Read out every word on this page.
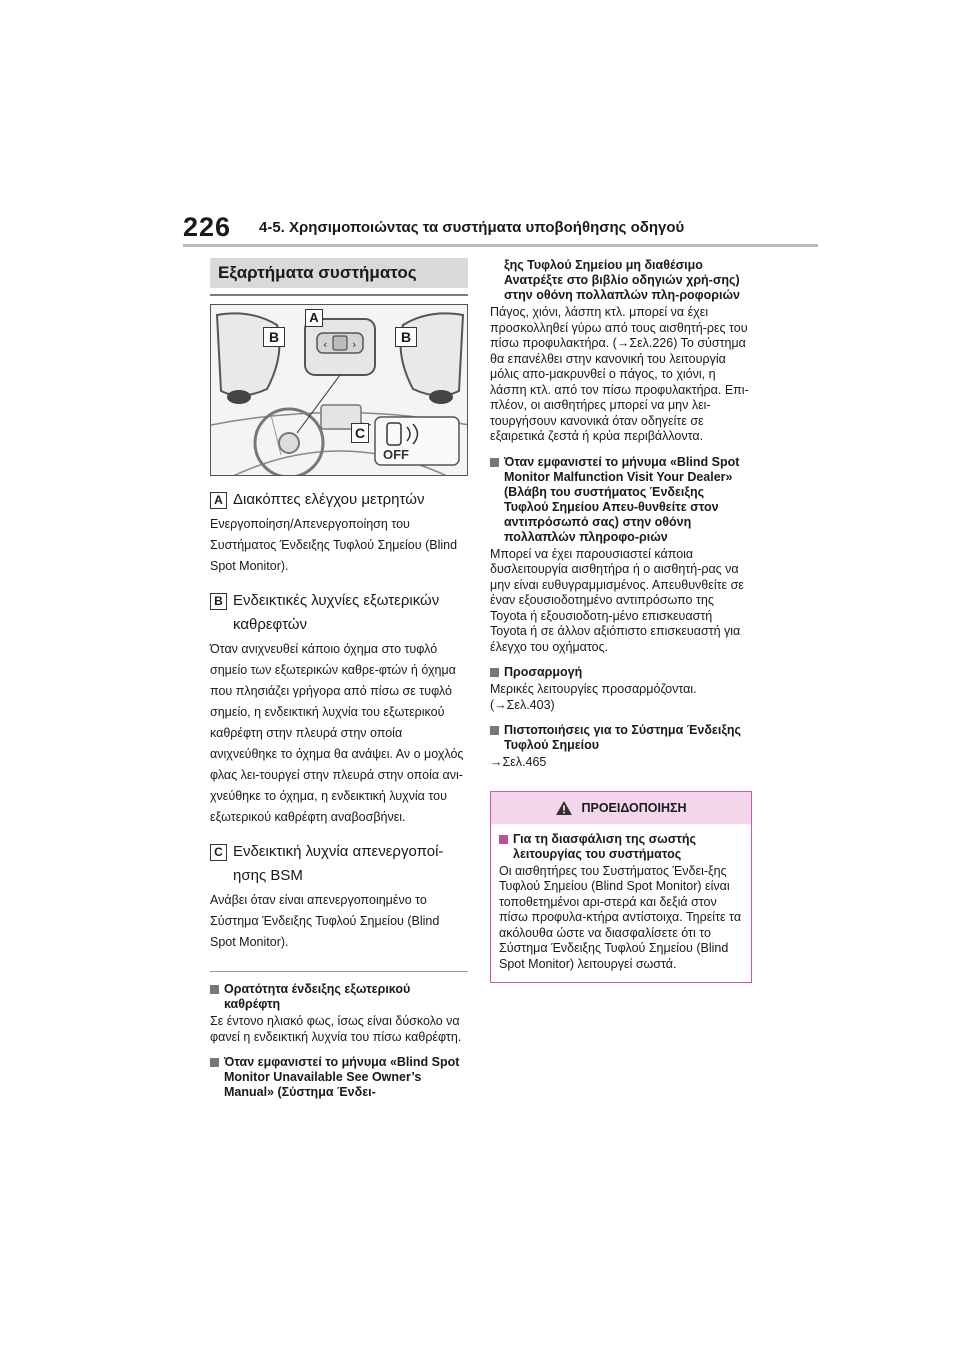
226 4-5. Χρησιμοποιώντας τα συστήματα υποβοήθησης οδηγού
Εξαρτήματα συστήματος
‹ ›
A
B	B
C
OFF
A Διακόπτες ελέγχου μετρητών
Ενεργοποίηση/Απενεργοποίηση του Συστήματος Ένδειξης Τυφλού Σημείου (Blind Spot Monitor).
B Ενδεικτικές λυχνίες εξωτερικών καθρεφτών
Όταν ανιχνευθεί κάποιο όχημα στο τυφλό σημείο των εξωτερικών καθρε-φτών ή όχημα που πλησιάζει γρήγορα από πίσω σε τυφλό σημείο, η ενδεικτική λυχνία του εξωτερικού καθρέφτη στην πλευρά στην οποία ανιχνεύθηκε το όχημα θα ανάψει. Αν ο μοχλός φλας λει-τουργεί στην πλευρά στην οποία ανι-χνεύθηκε το όχημα, η ενδεικτική λυχνία του εξωτερικού καθρέφτη αναβοσβήνει.
C Ενδεικτική λυχνία απενεργοποί-ησης BSM
Ανάβει όταν είναι απενεργοποιημένο το Σύστημα Ένδειξης Τυφλού Σημείου (Blind Spot Monitor).
Ορατότητα ένδειξης εξωτερικού καθρέφτη
Σε έντονο ηλιακό φως, ίσως είναι δύσκολο να φανεί η ενδεικτική λυχνία του πίσω καθρέφτη.
Όταν εμφανιστεί το μήνυμα «Blind Spot Monitor Unavailable See Owner’s Manual» (Σύστημα Ένδει-
ξης Τυφλού Σημείου μη διαθέσιμο Ανατρέξτε στο βιβλίο οδηγιών χρή-σης) στην οθόνη πολλαπλών πλη-ροφοριών
Πάγος, χιόνι, λάσπη κτλ. μπορεί να έχει προσκολληθεί γύρω από τους αισθητή-ρες του πίσω προφυλακτήρα. (→Σελ.226) Το σύστημα θα επανέλθει στην κανονική του λειτουργία μόλις απο-μακρυνθεί ο πάγος, το χιόνι, η λάσπη κτλ. από τον πίσω προφυλακτήρα. Επι-πλέον, οι αισθητήρες μπορεί να μην λει-τουργήσουν κανονικά όταν οδηγείτε σε εξαιρετικά ζεστά ή κρύα περιβάλλοντα.
Όταν εμφανιστεί το μήνυμα «Blind Spot Monitor Malfunction Visit Your Dealer» (Βλάβη του συστήματος Ένδειξης Τυφλού Σημείου Απευ-θυνθείτε στον αντιπρόσωπό σας) στην οθόνη πολλαπλών πληροφο-ριών
Μπορεί να έχει παρουσιαστεί κάποια δυσλειτουργία αισθητήρα ή ο αισθητή-ρας να μην είναι ευθυγραμμισμένος. Απευθυνθείτε σε έναν εξουσιοδοτημένο αντιπρόσωπο της Toyota ή εξουσιοδοτη-μένο επισκευαστή Toyota ή σε άλλον αξιόπιστο επισκευαστή για έλεγχο του οχήματος.
Προσαρμογή
Μερικές λειτουργίες προσαρμόζονται. (→Σελ.403)
Πιστοποιήσεις για το Σύστημα Ένδειξης Τυφλού Σημείου
→Σελ.465
ΠΡΟΕΙΔΟΠΟΙΗΣΗ
Για τη διασφάλιση της σωστής λειτουργίας του συστήματος
Οι αισθητήρες του Συστήματος Ένδει-ξης Τυφλού Σημείου (Blind Spot Monitor) είναι τοποθετημένοι αρι-στερά και δεξιά στον πίσω προφυλα-κτήρα αντίστοιχα. Τηρείτε τα ακόλουθα ώστε να διασφαλίσετε ότι το Σύστημα Ένδειξης Τυφλού Σημείου (Blind Spot Monitor) λειτουργεί σωστά.
